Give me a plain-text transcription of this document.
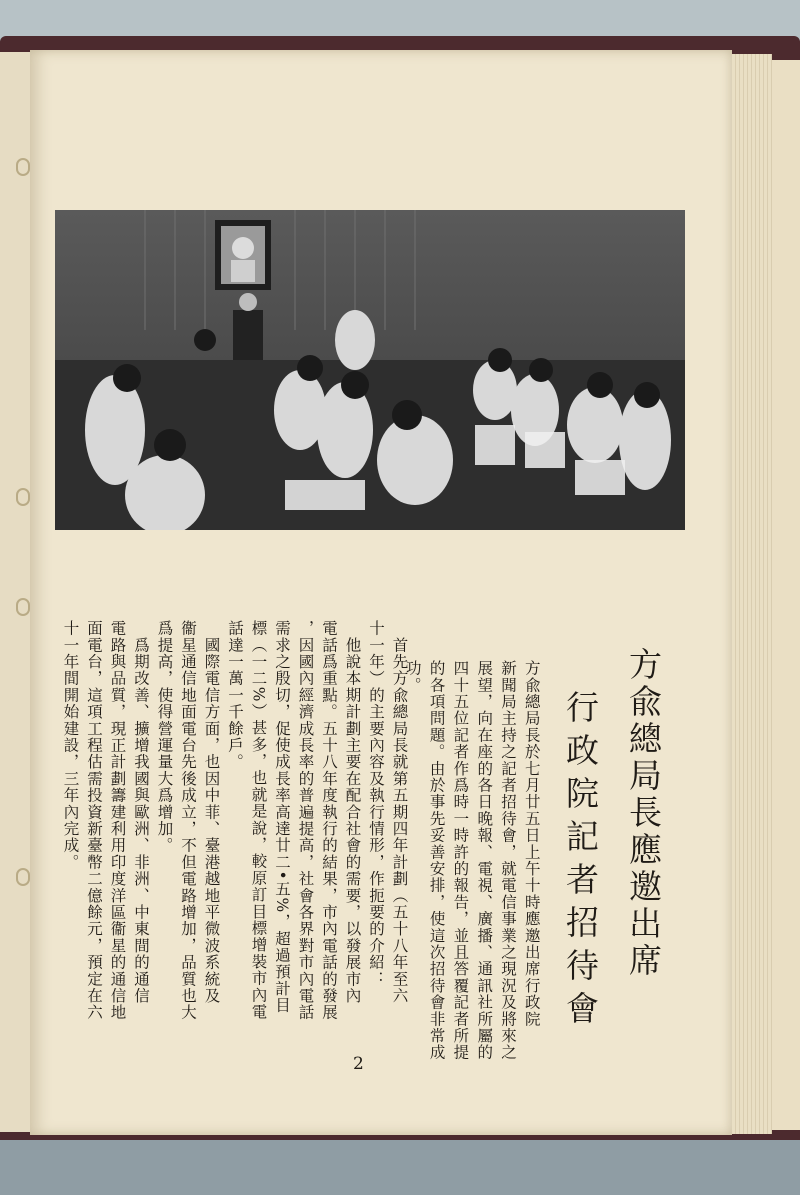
方兪總局長應邀出席
行政院記者招待會
方兪總局長於七月廿五日上午十時應邀出席行政院
新聞局主持之記者招待會，就電信事業之現況及將來之
展望，向在座的各日晚報、電視、廣播、通訊社所屬的
四十五位記者作爲時一時許的報告，並且答覆記者所提
的各項問題。由於事先妥善安排，使這次招待會非常成
功。
　首先方兪總局長就第五期四年計劃（五十八年至六
十一年）的主要內容及執行情形，作扼要的介紹：
　他說本期計劃主要在配合社會的需要，以發展市內
電話爲重點。五十八年度執行的結果，市內電話的發展
，因國內經濟成長率的普遍提高，社會各界對市內電話
需求之殷切，促使成長率高達廿二•五%，超過預計目
標（一二%）甚多，也就是說，較原訂目標增裝市內電
話達一萬一千餘戶。
　國際電信方面，也因中菲、臺港越地平微波系統及
衞星通信地面電台先後成立，不但電路增加，品質也大
爲提高，使得營運量大爲增加。
　爲期改善、擴增我國與歐洲、非洲、中東間的通信
電路與品質，現正計劃籌建利用印度洋區衞星的通信地
面電台，這項工程估需投資新臺幣二億餘元，預定在六
十一年間開始建設，三年內完成。
2
